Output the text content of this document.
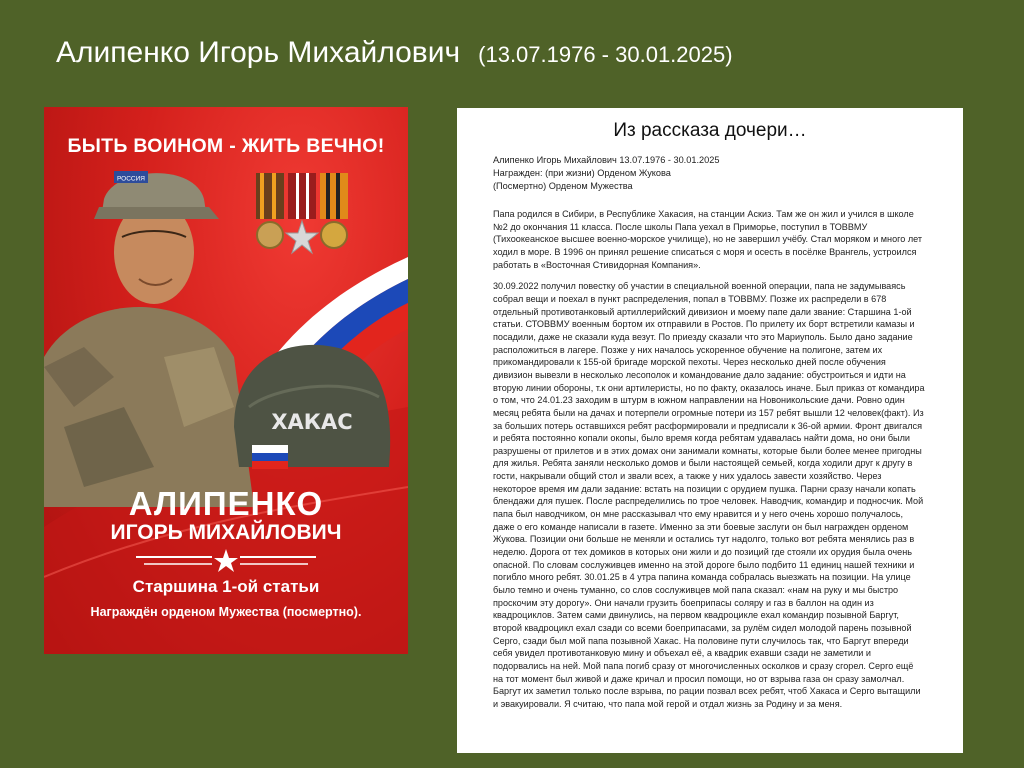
Алипенко Игорь Михайлович (13.07.1976 - 30.01.2025)
БЫТЬ ВОИНОМ - ЖИТЬ ВЕЧНО!
РОССИЯ
ХАКАС
АЛИПЕНКО
ИГОРЬ МИХАЙЛОВИЧ
Старшина 1-ой статьи
Награждён орденом Мужества (посмертно).
Из рассказа дочери…
Алипенко Игорь Михайлович 13.07.1976 - 30.01.2025
Награжден: (при жизни) Орденом Жукова
(Посмертно) Орденом Мужества

Папа родился в Сибири, в Республике Хакасия, на станции Аскиз. Там же он жил и учился в школе №2 до окончания 11 класса. После школы Папа уехал в Приморье, поступил в ТОВВМУ (Тихоокеанское высшее военно-морское училище), но не завершил учёбу. Стал моряком и много лет ходил в море. В 1996 он принял решение списаться с моря и осесть в посёлке Врангель, устроился работать в «Восточная Стивидорная Компания».

30.09.2022 получил повестку об участии в специальной военной операции, папа не задумываясь собрал вещи и поехал в пункт распределения, попал в ТОВВМУ. Позже их распредели в 678 отдельный противотанковый артиллерийский дивизион и моему папе дали звание: Старшина 1-ой статьи. СТОВВМУ военным бортом их отправили в Ростов. По прилету их борт встретили камазы и посадили, даже не сказали куда везут. По приезду сказали что это Мариуполь. Было дано задание расположиться в лагере. Позже у них началось ускоренное обучение на полигоне, затем их прикомандировали к 155-ой бригаде морской пехоты. Через несколько дней после обучения дивизион вывезли в несколько лесополок и командование дало задание: обустроиться и идти на вторую линии обороны, т.к они артилеристы, но по факту, оказалось иначе. Был приказ от командира о том, что 24.01.23 заходим в штурм в южном направлении на Новоникольские дачи. Ровно один месяц ребята были на дачах и потерпели огромные потери из 157 ребят вышли 12 человек(факт). Из за больших потерь оставшихся ребят расформировали и предписали к 36-ой армии. Фронт двигался и ребята постоянно копали окопы, было время когда ребятам удавалась найти дома, но они были разрушены от прилетов и в этих домах они занимали комнаты, которые были более менее пригодны для жилья. Ребята заняли несколько домов и были настоящей семьей, когда ходили друг к другу в гости, накрывали общий стол и звали всех, а также у них удалось завести хозяйство. Через некоторое время им дали задание: встать на позиции с орудием пушка. Парни сразу начали копать блендажи для пушек. После распределились по трое человек. Наводчик, командир и подносчик. Мой папа был наводчиком, он мне рассказывал что ему нравится и у него очень хорошо получалось, даже о его команде написали в газете. Именно за эти боевые заслуги он был награжден орденом Жукова. Позиции они больше не меняли и остались тут надолго, только вот ребята менялись раз в неделю. Дорога от тех домиков в которых они жили и до позиций где стояли их орудия была очень опасной. По словам сослуживцев именно на этой дороге было подбито 11 единиц нашей техники и погибло много ребят. 30.01.25 в 4 утра папина команда собралась выезжать на позиции. На улице было темно и очень туманно, со слов сослуживцев мой папа сказал: «нам на руку и мы быстро проскочим эту дорогу». Они начали грузить боеприпасы соляру и газ в баллон на один из квадроциклов. Затем сами двинулись, на первом квадроцикле ехал командир позывной Баргут, второй квадроцикл ехал сзади со всеми боеприпасами, за рулём сидел молодой парень позывной Серго, сзади был мой папа позывной Хакас. На половине пути случилось так, что Баргут впереди себя увидел противотанковую мину и объехал её, а квадрик ехавши сзади не заметили и подорвались на ней. Мой папа погиб сразу от многочисленных осколков и сразу сгорел. Серго ещё на тот момент был живой и даже кричал и просил помощи, но от взрыва газа он сразу замолчал. Баргут их заметил только после взрыва, по рации позвал всех ребят, чтоб Хакаса и Серго вытащили и эвакуировали. Я считаю, что папа мой герой и отдал жизнь за Родину и за меня.
